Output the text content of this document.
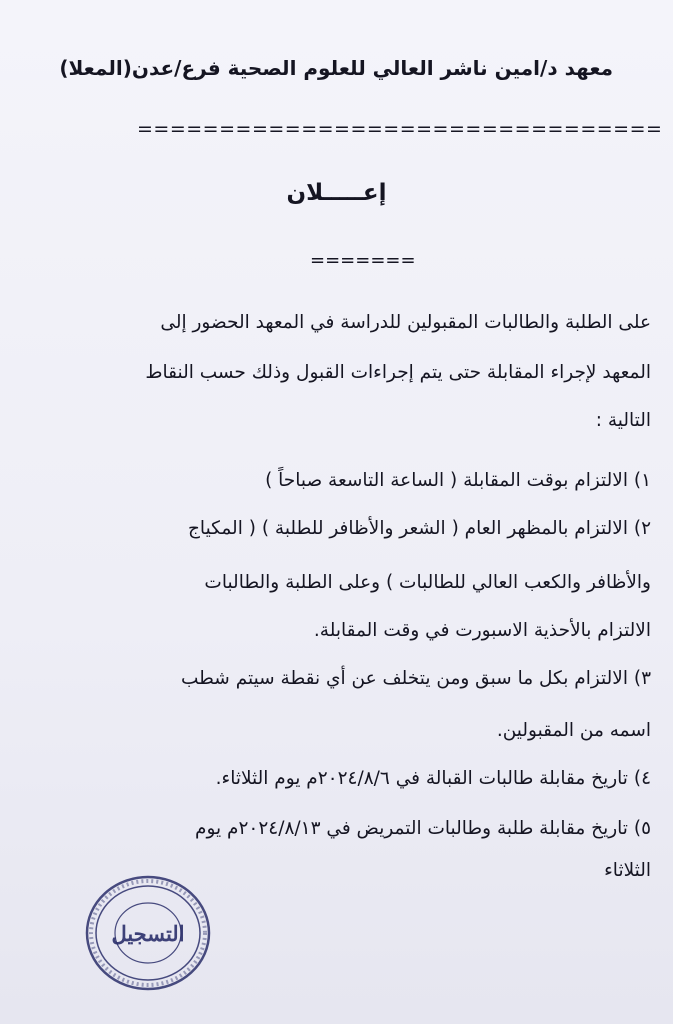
معهد د/امين ناشر العالي للعلوم الصحية فرع/عدن(المعلا)
================================
إعـــــلان
=======
على الطلبة والطالبات المقبولين للدراسة في المعهد الحضور إلى
المعهد لإجراء المقابلة حتى يتم إجراءات القبول وذلك حسب النقاط
التالية :
١) الالتزام بوقت المقابلة ( الساعة التاسعة صباحاً )
٢) الالتزام بالمظهر العام ( الشعر والأظافر للطلبة ) ( المكياج
والأظافر والكعب العالي للطالبات ) وعلى الطلبة والطالبات
الالتزام بالأحذية الاسبورت في وقت المقابلة.
٣) الالتزام بكل ما سبق ومن يتخلف عن أي نقطة سيتم شطب
اسمه من المقبولين.
٤) تاريخ مقابلة طالبات القبالة في ٢٠٢٤/٨/٦م يوم الثلاثاء.
٥) تاريخ مقابلة طلبة وطالبات التمريض في ٢٠٢٤/٨/١٣م يوم
الثلاثاء
التسجيل
